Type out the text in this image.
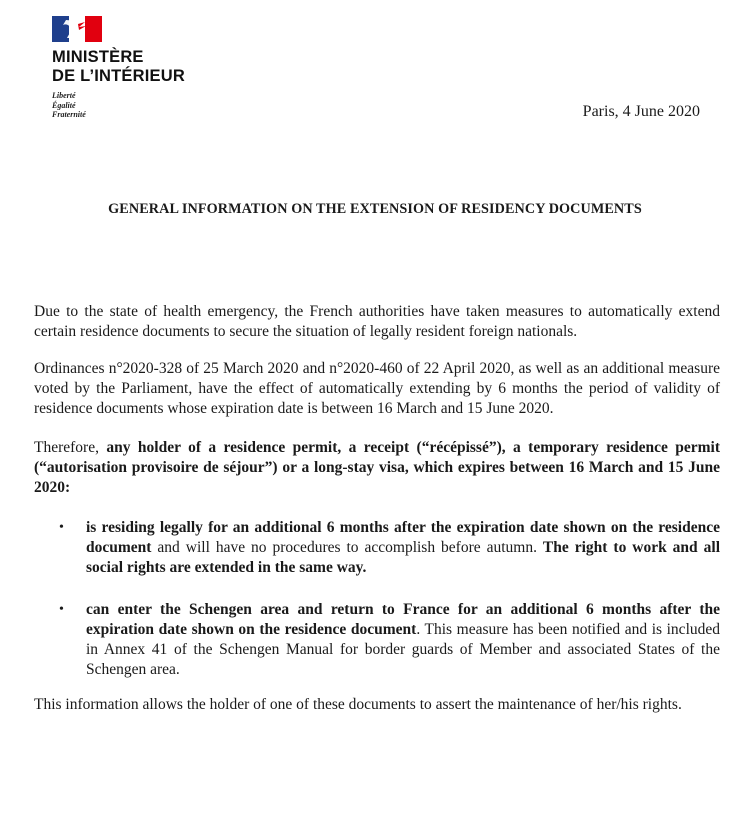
MINISTÈRE
DE L’INTÉRIEUR
Liberté
Égalité
Fraternité	Paris, 4 June 2020
GENERAL INFORMATION ON THE EXTENSION OF RESIDENCY DOCUMENTS

Due to the state of health emergency, the French authorities have taken measures to automatically extend certain residence documents to secure the situation of legally resident foreign nationals.

Ordinances n°2020-328 of 25 March 2020 and n°2020-460 of 22 April 2020, as well as an additional measure voted by the Parliament, have the effect of automatically extending by 6 months the period of validity of residence documents whose expiration date is between 16 March and 15 June 2020.

Therefore, any holder of a residence permit, a receipt (“récépissé”), a temporary residence permit (“autorisation provisoire de séjour”) or a long-stay visa, which expires between 16 March and 15 June 2020:

• is residing legally for an additional 6 months after the expiration date shown on the residence document and will have no procedures to accomplish before autumn. The right to work and all social rights are extended in the same way.
• can enter the Schengen area and return to France for an additional 6 months after the expiration date shown on the residence document. This measure has been notified and is included in Annex 41 of the Schengen Manual for border guards of Member and associated States of the Schengen area.

This information allows the holder of one of these documents to assert the maintenance of her/his rights.
